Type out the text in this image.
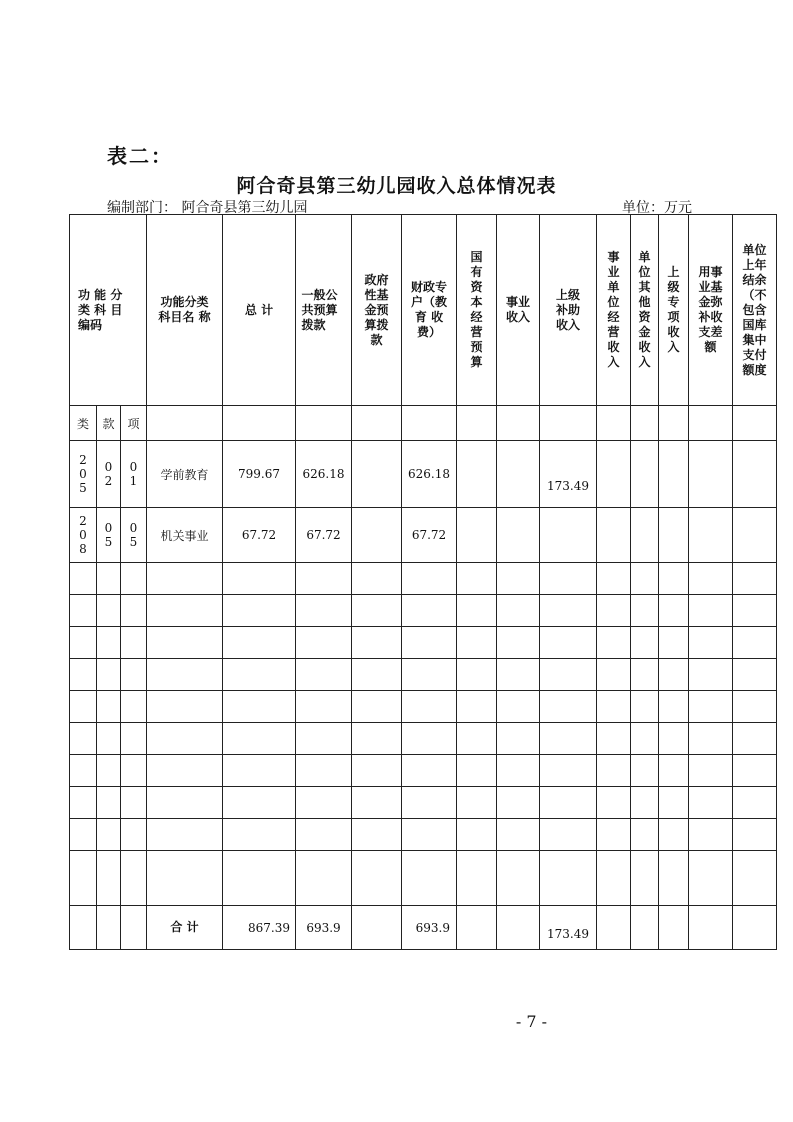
表二：
阿合奇县第三幼儿园收入总体情况表
编制部门： 阿合奇县第三幼儿园	单位：万元
功 能 分 类 科 目 编码			功能分类 科目名 称	总 计	一般公 共预算 拨款	政府性基金预算拨款	财政专 户（教 育 收 费）	国有资本经营预算	事业收入	上级补助收入	事业单位经营收入	单位其他资金收入	上级专项收入	用事业基金弥补收支差额	单位上年结余（不包含国库集中支付额度

类	款	项													
205	02	01	学前教育	799.67	626.18		626.18			173.49					
208	05	05	机关事业	67.72	67.72		67.72								

			合 计	867.39	693.9		693.9			173.49					
- 7 -
